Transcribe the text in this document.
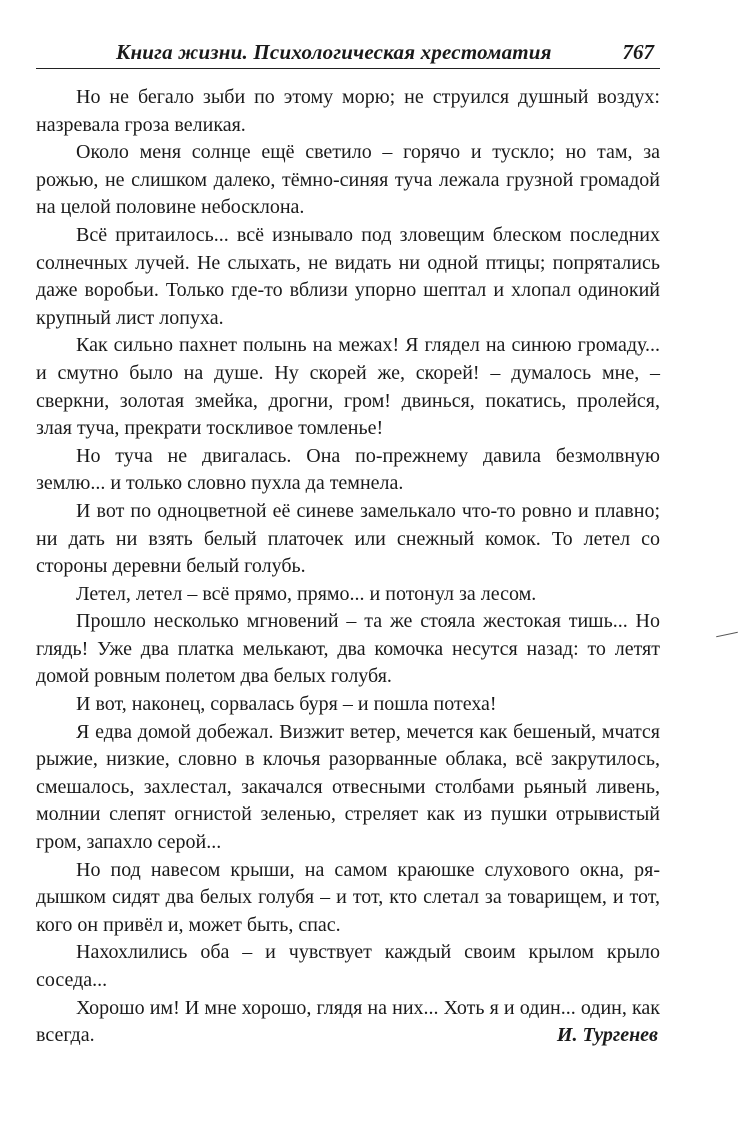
Книга жизни. Психологическая хрестоматия	767

Но не бегало зыби по этому морю; не струился душный воздух: назревала гроза великая.

Около меня солнце ещё светило – горячо и тускло; но там, за рожью, не слишком далеко, тёмно-синяя туча лежала грузной громадой на целой половине небосклона.

Всё притаилось... всё изнывало под зловещим блеском последних солнечных лучей. Не слыхать, не видать ни одной птицы; попрятались даже воробьи. Только где-то вблизи упорно шептал и хлопал одинокий крупный лист лопуха.

Как сильно пахнет полынь на межах! Я глядел на синюю громаду... и смутно было на душе. Ну скорей же, скорей! – думалось мне, – сверкни, золотая змейка, дрогни, гром! двинься, покатись, пролейся, злая туча, прекрати тоскливое томленье!

Но туча не двигалась. Она по-прежнему давила безмолвную землю... и только словно пухла да темнела.

И вот по одноцветной её синеве замелькало что-то ровно и плавно; ни дать ни взять белый платочек или снежный комок. То летел со стороны деревни белый голубь.

Летел, летел – всё прямо, прямо... и потонул за лесом.

Прошло несколько мгновений – та же стояла жестокая тишь... Но глядь! Уже два платка мелькают, два комочка несутся назад: то летят домой ровным полетом два белых голубя.

И вот, наконец, сорвалась буря – и пошла потеха!

Я едва домой добежал. Визжит ветер, мечется как бешеный, мчатся рыжие, низкие, словно в клочья разорванные облака, всё закрутилось, смешалось, захлестал, закачался отвесными столбами рьяный ливень, молнии слепят огнистой зеленью, стреляет как из пушки отрывистый гром, запахло серой...

Но под навесом крыши, на самом краюшке слухового окна, рядышком сидят два белых голубя – и тот, кто слетал за товарищем, и тот, кого он привёл и, может быть, спас.

Нахохлились оба – и чувствует каждый своим крылом крыло соседа...

Хорошо им! И мне хорошо, глядя на них... Хоть я и один... один, как всегда.	И. Тургенев
